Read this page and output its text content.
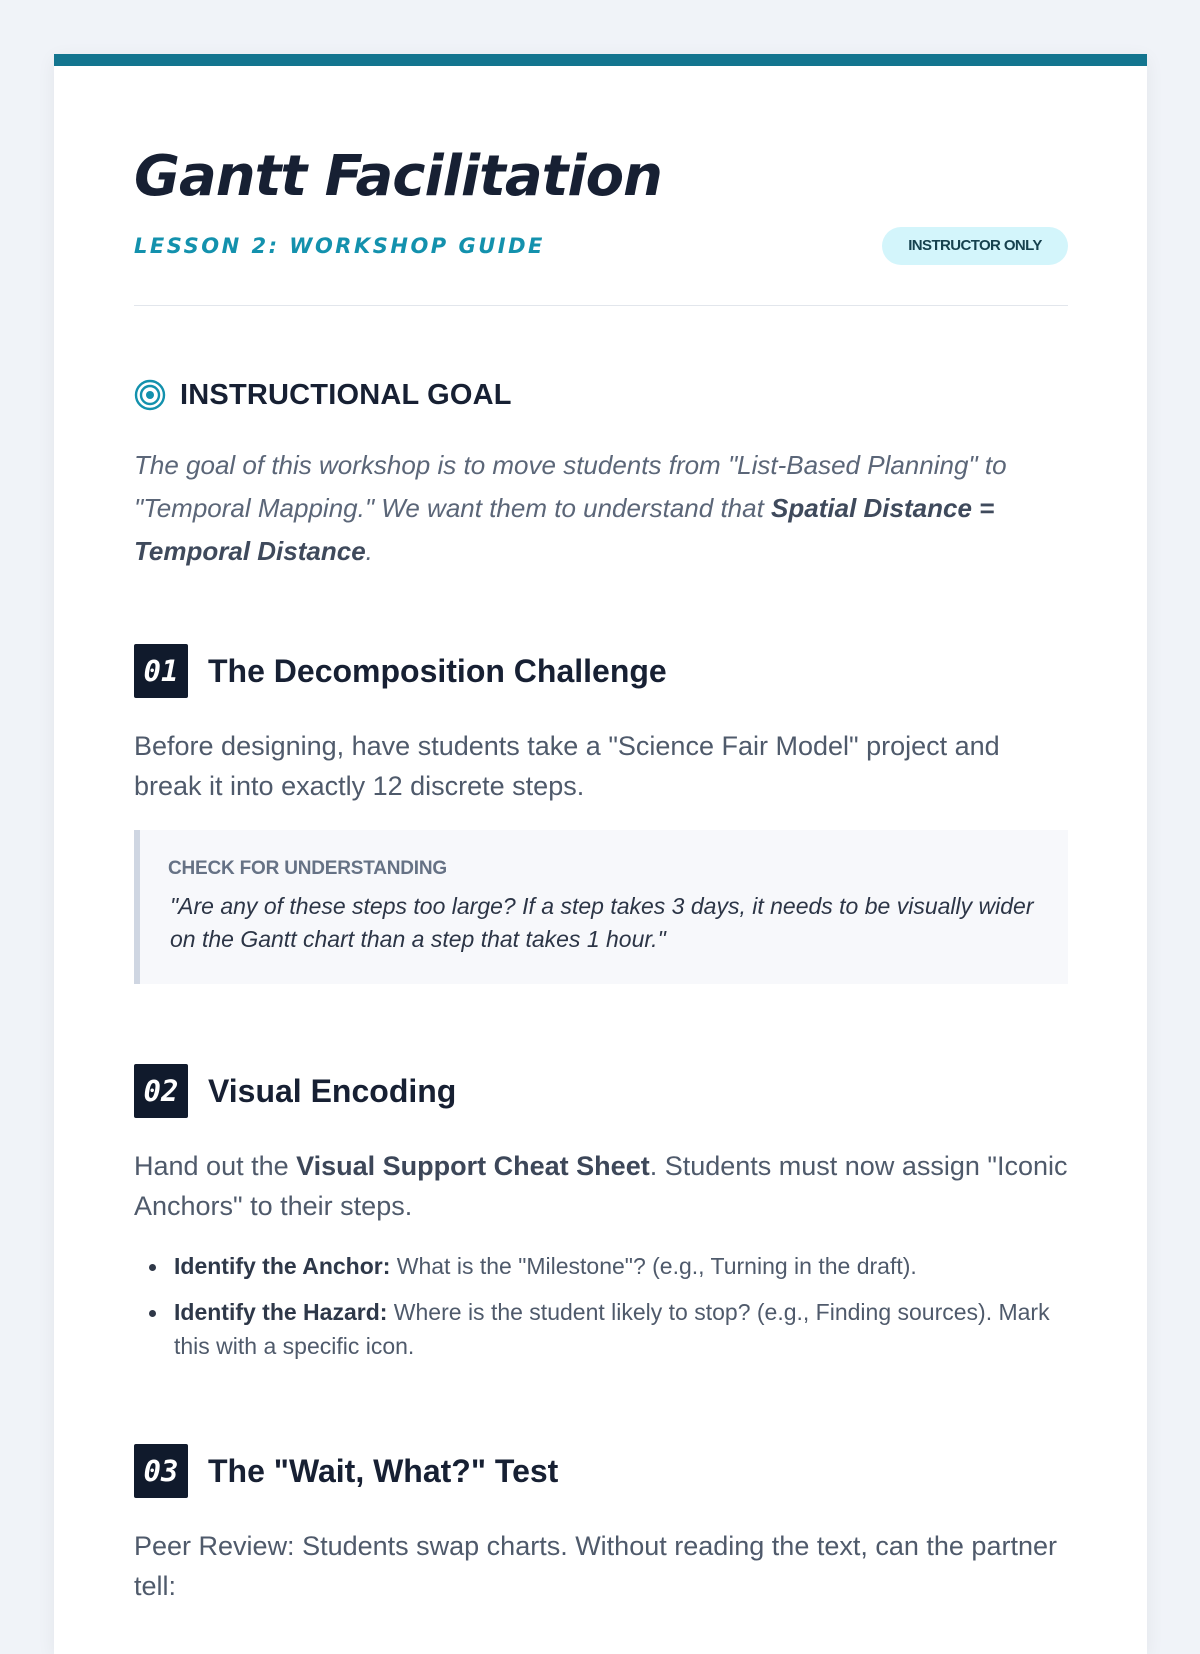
Gantt Facilitation
LESSON 2: WORKSHOP GUIDE	INSTRUCTOR ONLY
INSTRUCTIONAL GOAL

The goal of this workshop is to move students from "List-Based Planning" to "Temporal Mapping." We want them to understand that Spatial Distance = Temporal Distance.

01 The Decomposition Challenge

Before designing, have students take a "Science Fair Model" project and break it into exactly 12 discrete steps.

CHECK FOR UNDERSTANDING

"Are any of these steps too large? If a step takes 3 days, it needs to be visually wider on the Gantt chart than a step that takes 1 hour."

02 Visual Encoding

Hand out the Visual Support Cheat Sheet. Students must now assign "Iconic Anchors" to their steps.

Identify the Anchor: What is the "Milestone"? (e.g., Turning in the draft).
Identify the Hazard: Where is the student likely to stop? (e.g., Finding sources). Mark this with a specific icon.
03 The "Wait, What?" Test

Peer Review: Students swap charts. Without reading the text, can the partner tell:
